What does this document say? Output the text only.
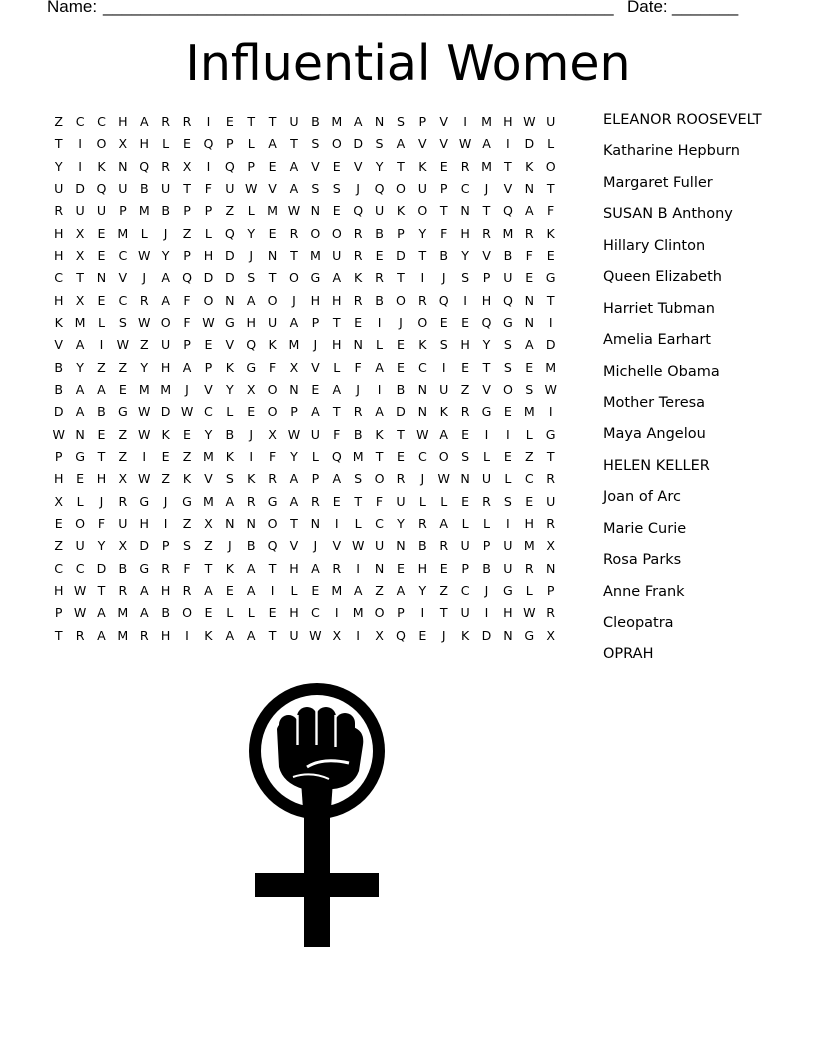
Name: ______________________________________________________ Date: _______
Influential Women
Z	C C H A	R	R	I	E	T	T	U B M A N	S	P	V	I	M H W U
T	I	O X H	L	E Q	P	L	A	T	S O D S	A	V	V W A	I	D	L
Y	I	K N Q R	X	I	Q	P	E	A	V	E	V	Y	T	K	E	R M T	K O
U D Q U B U	T	F	U W V	A	S	S	J	Q O U	P	C	J	V N	T
R U U	P M B	P	P	Z	L M W N	E Q U	K O T	N	T Q A	F
H X	E M L	J	Z	L	Q Y	E	R O O R	B	P	Y	F	H R M R	K
H X	E	C W Y	P	H D	J	N	T M U R	E D	T	B	Y	V	B	F	E
C	T	N V	J	A Q D D S	T O G A	K	R	T	I	J	S	P	U	E G
H X	E	C	R	A	F	O N A O	J	H H R	B O R Q	I	H Q N	T
K M L	S W O	F W G H U A	P	T	E	I	J	O E	E Q G N	I
V	A	I	W Z U	P	E	V Q K M	J	H N	L	E	K	S	H	Y	S	A D
B	Y	Z	Z	Y	H A	P	K G	F	X	V	L	F	A	E	C	I	E	T	S	E M
B	A	A	E M M	J	V	Y	X O N	E	A	J	I	B N U Z	V O S W
D A	B G W D W C	L	E O	P	A	T	R	A D N K	R G E M	I
W N	E	Z W K	E	Y	B	J	X W U	F	B	K	T W A	E	I	I	L	G
P	G	T	Z	I	E	Z M K	I	F	Y	L	Q M T	E	C O S	L	E	Z	T
H	E	H X W Z	K	V	S	K	R	A	P	A	S O R	J	W N U	L	C	R
X	L	J	R G	J	G M A	R G A	R	E	T	F	U	L	L	E	R	S	E	U
E O	F	U H	I	Z	X N N O T	N	I	L	C	Y	R	A	L	L	I	H R
Z U	Y	X D	P	S	Z	J	B Q V	J	V W U N B	R U	P	U M X
C C D B G R	F	T	K	A	T	H A	R	I	N	E	H	E	P	B U R N
H W T	R	A H R	A	E	A	I	L	E M A	Z	A	Y	Z	C	J	G	L	P
P W A M A	B O E	L	L	E	H C	I	M O	P	I	T	U	I	H W R
T	R	A M R H	I	K	A	A	T	U W X	I	X Q E	J	K D N G X
ELEANOR ROOSEVELT
Katharine Hepburn
Margaret Fuller
SUSAN B Anthony
Hillary Clinton
Queen Elizabeth
Harriet Tubman
Amelia Earhart
Michelle Obama
Mother Teresa
Maya Angelou
HELEN KELLER
Joan of Arc
Marie Curie
Rosa Parks
Anne Frank
Cleopatra
OPRAH
